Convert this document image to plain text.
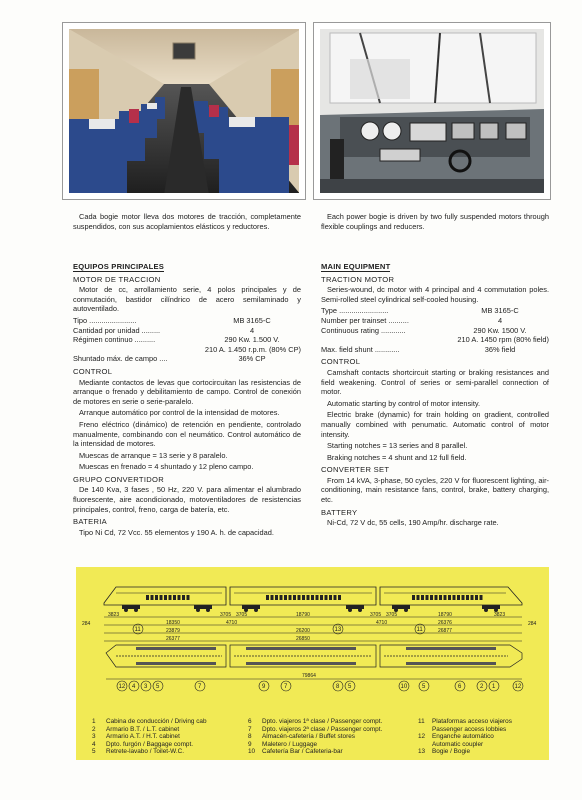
Cada bogie motor lleva dos motores de tracción, completamente suspendidos, con sus acoplamientos elásticos y reductores.
EQUIPOS PRINCIPALES
MOTOR DE TRACCION
Motor de cc, arrollamiento serie, 4 polos principales y de conmutación, bastidor cilíndrico de acero semilaminado y autoventilado.
Tipo .......................	MB 3165-C
Cantidad por unidad .........	4
Régimen continuo ..........	290 Kw. 1.500 V.
210 A. 1.450 r.p.m. (80% CP)
Shuntado máx. de campo ....	36% CP
CONTROL
Mediante contactos de levas que cortocircuitan las resistencias de arranque o frenado y debilitamiento de campo. Control de conexión de motores en serie o serie-paralelo.
Arranque automático por control de la intensidad de motores.
Freno eléctrico (dinámico) de retención en pendiente, controlado manualmente, combinando con el neumático. Control automático de la intensidad de motores.
Muescas de arranque = 13 serie y 8 paralelo.
Muescas en frenado = 4 shuntado y 12 pleno campo.
GRUPO CONVERTIDOR
De 140 Kva, 3 fases , 50 Hz, 220 V. para alimentar el alumbrado fluorescente, aire acondicionado, motoventiladores de resistencias principales, control, freno, carga de batería, etc.
BATERIA
Tipo Ni Cd, 72 Vcc. 55 elementos y 190 A. h. de capacidad.
Each power bogie is driven by two fully suspended motors through flexible couplings and reducers.
MAIN EQUIPMENT
TRACTION MOTOR
Series-wound, dc motor with 4 principal and 4 commutation poles. Semi-rolled steel cylindrical self-cooled housing.
Type ........................	MB 3165-C
Number per trainset ..........	4
Continuous rating ............	290 Kw. 1500 V.
210 A. 1450 rpm (80% field)
Max. field shunt ............	36% field
CONTROL
Camshaft contacts shortcircuit starting or braking resistances and field weakening. Control of series or semi-parallel connection of motor.
Automatic starting by control of motor intensity.
Electric brake (dynamic) for train holding on gradient, controlled manually combined with penumatic. Automatic control of motor intensity.
Starting notches = 13 series and 8 parallel.
Braking notches = 4 shunt and 12 full field.
CONVERTER SET
From 14 kVA, 3-phase, 50 cycles, 220 V for fluorescent lighting, air-conditioning, main resistance fans, control, brake, battery charging, etc.
BATTERY
Ni-Cd, 72 V dc, 55 cells, 190 Amp/hr. discharge rate.
3823
18350
23879
26377
3705 3705
4710
18790
26200
26850
3705 3705
4710
18790
26376
26877
3823
284	284
79864
11	13	11
12 4 3 5	7	9	7	8 5	10 5	6	2 1	12
1	Cabina de conducción / Driving cab
2	Armario B.T. / L.T. cabinet
3	Armario A.T. / H.T. cabinet
4	Dpto. furgón / Baggage compt.
5	Retrete-lavabo / Toilet-W.C.
6	Dpto. viajeros 1ª clase / Passenger compt.
7	Dpto. viajeros 2ª clase / Passenger compt.
8	Almacén-cafetería / Buffet stores
9	Maletero / Luggage
10	Cafetería Bar / Cafeteria-bar
11	Plataformas acceso viajeros
Passenger access lobbies
12	Enganche automático
Automatic coupler
13	Bogie / Bogie
